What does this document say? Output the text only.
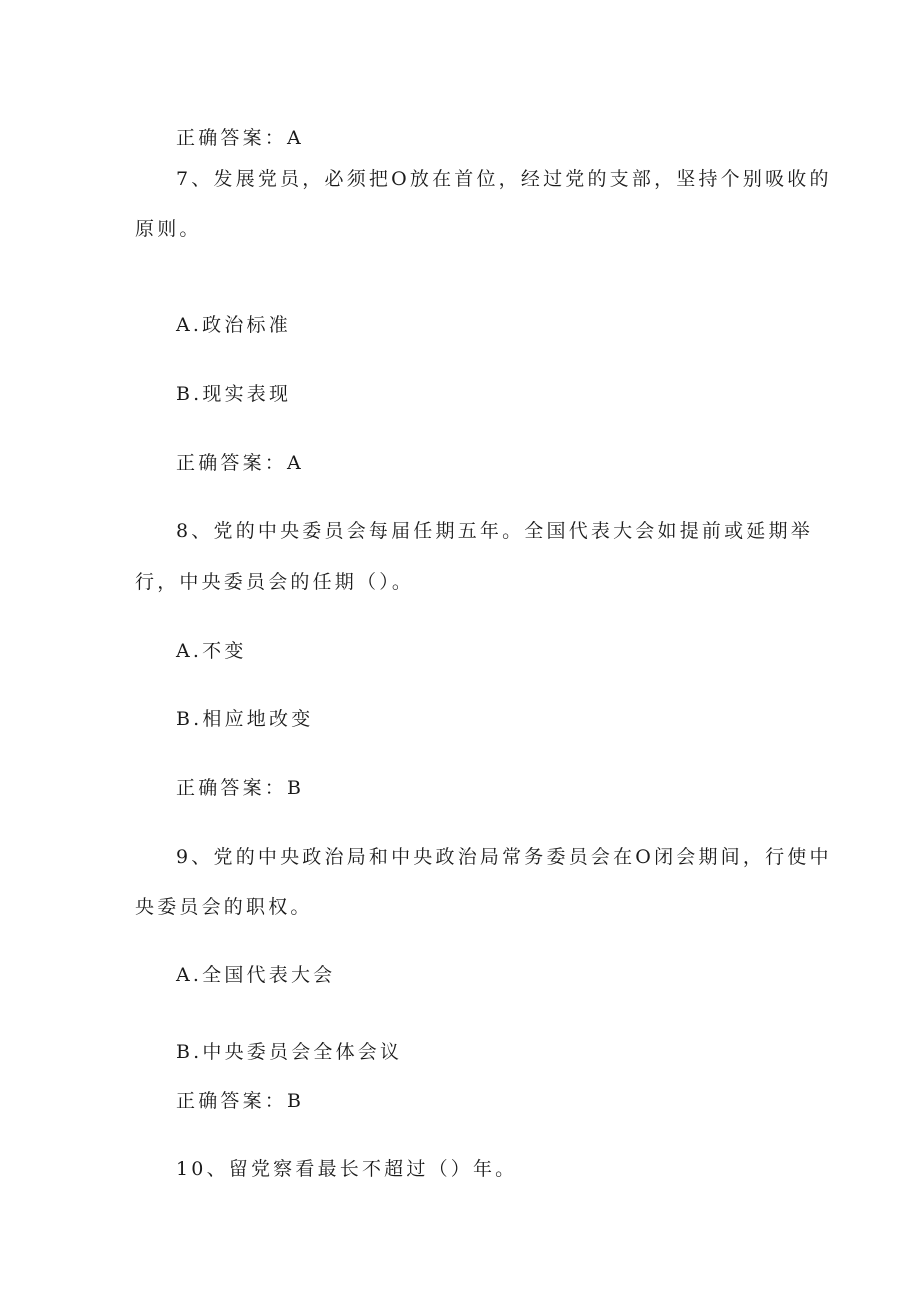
正确答案：A
7、发展党员，必须把O放在首位，经过党的支部，坚持个别吸收的
原则。
A.政治标准
B.现实表现
正确答案：A
8、党的中央委员会每届任期五年。全国代表大会如提前或延期举
行，中央委员会的任期（）。
A.不变
B.相应地改变
正确答案：B
9、党的中央政治局和中央政治局常务委员会在O闭会期间，行使中
央委员会的职权。
A.全国代表大会
B.中央委员会全体会议
正确答案：B
10、留党察看最长不超过（）年。
